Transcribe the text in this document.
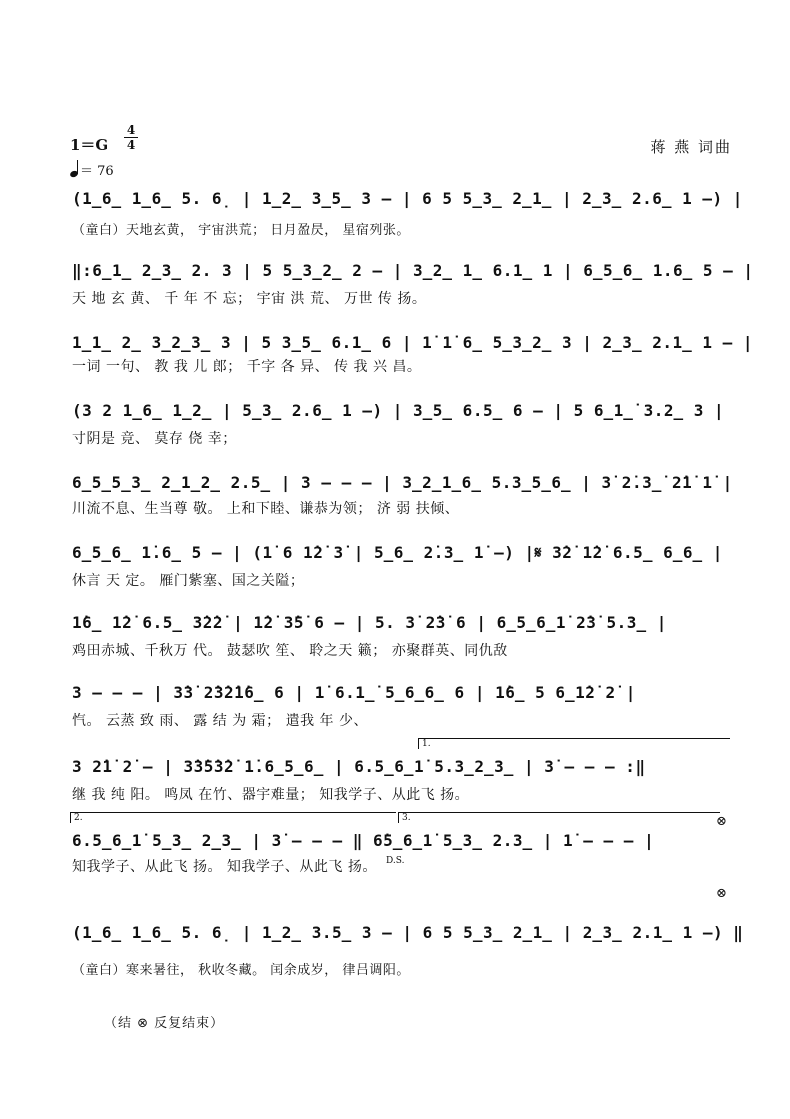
1＝G
4
4
＝ 76
蒋 燕 词曲
(1̲6̲ 1̲6̲ 5. 6̣ | 1̲2̲ 3̲5̲ 3 – | 6 5 5̲3̲ 2̲1̲ | 2̲3̲ 2.6̲ 1 –) |
（童白）天地玄黄， 宇宙洪荒； 日月盈昃， 星宿列张。
‖:6̲1̲ 2̲3̲ 2. 3 | 5 5̲3̲2̲ 2 – | 3̲2̲ 1̲ 6.1̲ 1 | 6̲5̲6̲ 1.6̲ 5 – |
天 地 玄 黄、 千 年 不 忘； 宇宙 洪 荒、 万世 传 扬。
1̲1̲ 2̲ 3̲2̲3̲ 3 | 5 3̲5̲ 6.1̲ 6 | 1̇ 1̇ 6̲ 5̲3̲2̲ 3 | 2̲3̲ 2.1̲ 1 – |
一词 一句、 教 我 儿 郎； 千字 各 异、 传 我 兴 昌。
(3 2 1̲6̲ 1̲2̲ | 5̲3̲ 2.6̲ 1 –) | 3̲5̲ 6.5̲ 6 – | 5 6̲1̲̇ 3.2̲ 3 |
寸阴是 竞、 莫存 侥 幸；
6̲5̲5̲3̲ 2̲1̲2̲ 2.5̲ | 3 – – – | 3̲2̲1̲6̲ 5.3̲5̲6̲ | 3̇ 2̇.3̲̇ 2̇1̇ 1̇ |
川流不息、生当尊 敬。 上和下睦、谦恭为领； 济 弱 扶倾、
6̲5̲6̲ 1̇.6̲ 5 – | (1̇ 6 1̇2̇ 3̇ | 5̲6̲ 2̇.3̲ 1̇ –) |𝄋 3̇2̇ 1̇2̇ 6.5̲ 6̲6̲ |
休言 天 定。 雁门紫塞、国之关隘；
1̇6̲ 1̇2̇ 6.5̲ 3̇2̇2̇ | 1̇2̇ 3̇5̇ 6 – | 5. 3̇ 2̇3̇ 6 | 6̲5̲6̲1̇ 2̇3̇ 5.3̲ |
鸡田赤城、千秋万 代。 鼓瑟吹 笙、 聆之天 籁； 亦聚群英、同仇敌
3 – – – | 3̇3̇ 2̇3̇2̇1̇6̲ 6 | 1̇ 6.1̲̇ 5̲6̲6̲ 6 | 1̇6̲ 5 6̲1̇2̇ 2̇ |
忾。 云蒸 致 雨、 露 结 为 霜； 遣我 年 少、
1.
3 2̇1̇ 2̇ – | 3̇3̇5̇3̇2̇ 1̇.6̲5̲6̲ | 6.5̲6̲1̇ 5.3̲2̲3̲ | 3̇ – – – :‖
继 我 纯 阳。 鸣凤 在竹、器宇难量； 知我学子、从此飞 扬。
2.	3.	⊗
6.5̲6̲1̇ 5̲3̲ 2̲3̲ | 3̇ – – – ‖ 6̇5̲6̲1̇ 5̲3̲ 2.3̲ | 1̇ – – – |
D.S.
知我学子、从此飞 扬。 知我学子、从此飞 扬。
⊗
(1̲6̲ 1̲6̲ 5. 6̣ | 1̲2̲ 3.5̲ 3 – | 6 5 5̲3̲ 2̲1̲ | 2̲3̲ 2.1̲ 1 –) ‖
（童白）寒来暑往， 秋收冬藏。 闰余成岁， 律吕调阳。
（结 ⊗ 反复结束）
